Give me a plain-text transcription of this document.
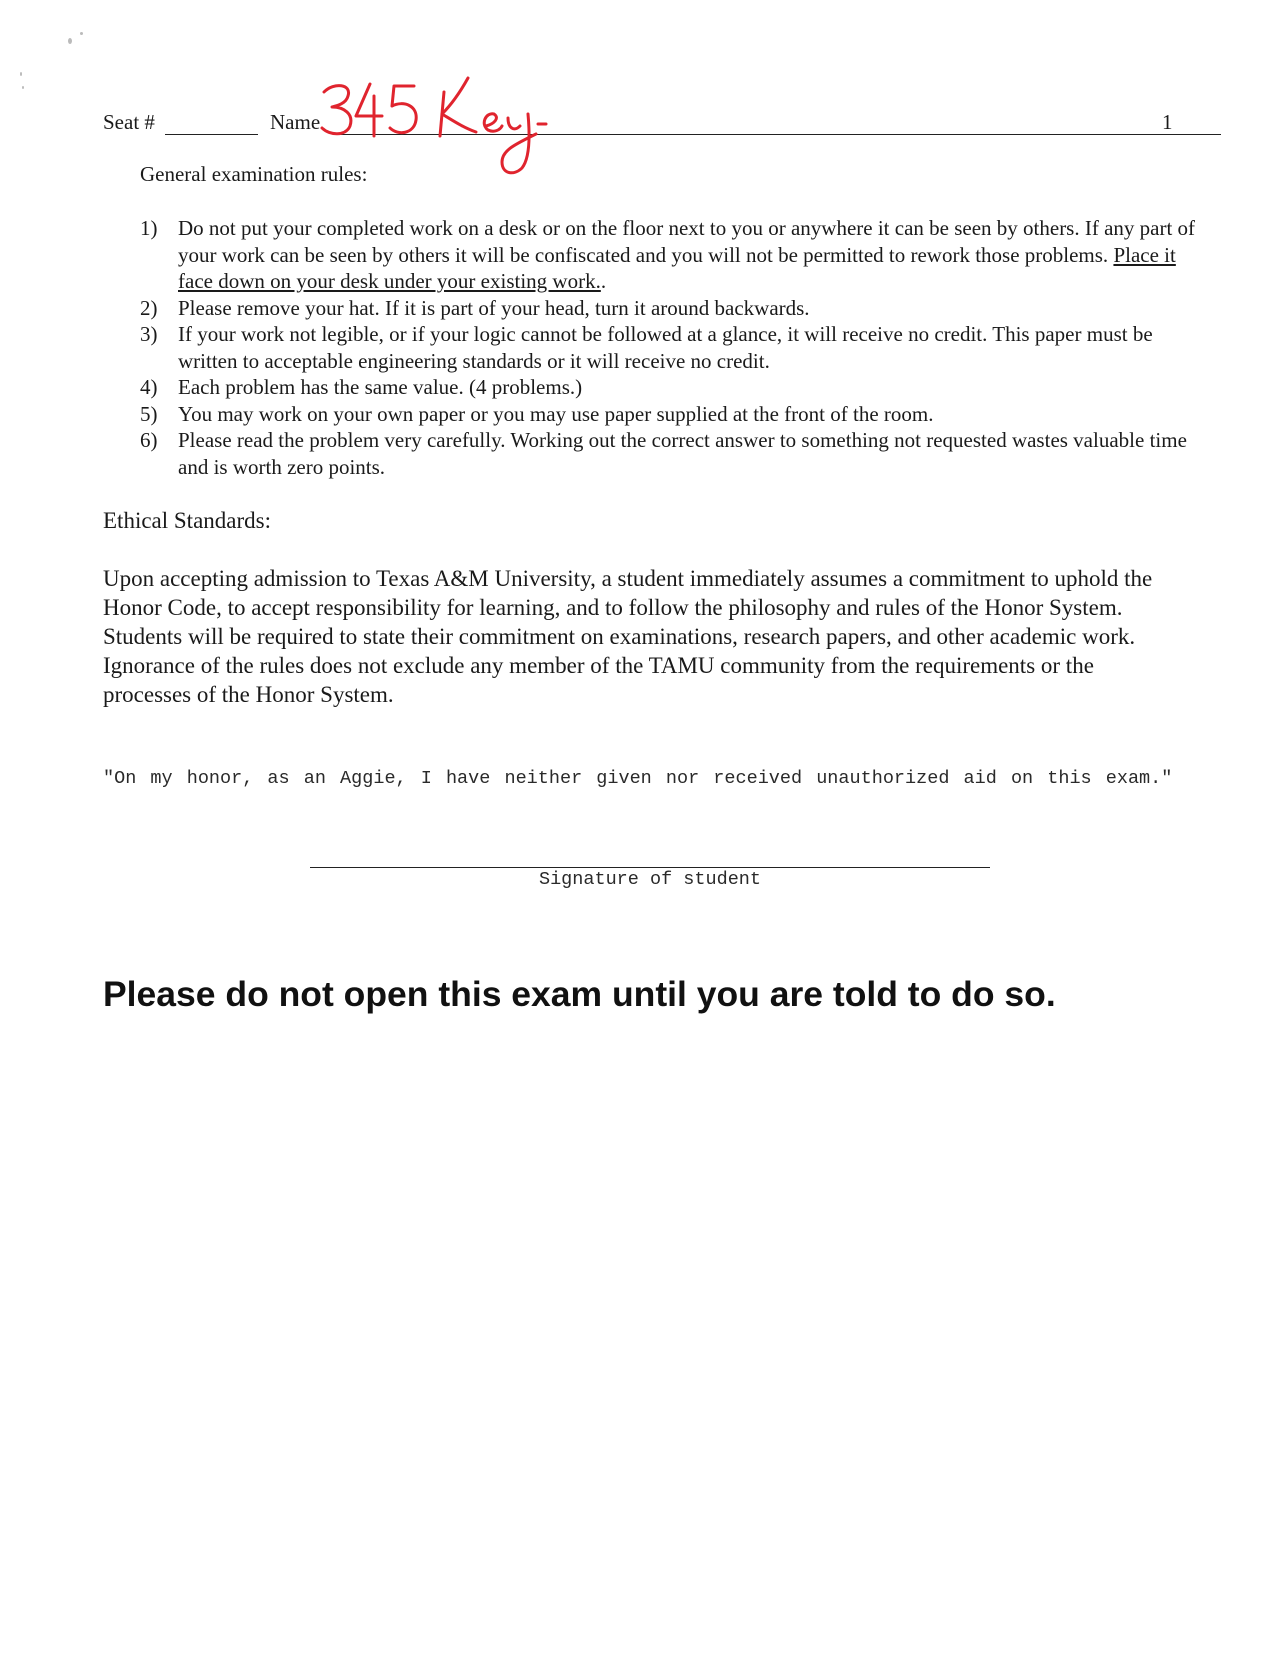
Seat #	Name	1
General examination rules:
1) Do not put your completed work on a desk or on the floor next to you or anywhere it can be seen by others. If any part of your work can be seen by others it will be confiscated and you will not be permitted to rework those problems. Place it face down on your desk under your existing work..
2) Please remove your hat. If it is part of your head, turn it around backwards.
3) If your work not legible, or if your logic cannot be followed at a glance, it will receive no credit. This paper must be written to acceptable engineering standards or it will receive no credit.
4) Each problem has the same value. (4 problems.)
5) You may work on your own paper or you may use paper supplied at the front of the room.
6) Please read the problem very carefully. Working out the correct answer to something not requested wastes valuable time and is worth zero points.
Ethical Standards:

Upon accepting admission to Texas A&M University, a student immediately assumes a commitment to uphold the Honor Code, to accept responsibility for learning, and to follow the philosophy and rules of the Honor System. Students will be required to state their commitment on examinations, research papers, and other academic work. Ignorance of the rules does not exclude any member of the TAMU community from the requirements or the processes of the Honor System.

"On my honor, as an Aggie, I have neither given nor received unauthorized aid on this exam."

Signature of student
Please do not open this exam until you are told to do so.
